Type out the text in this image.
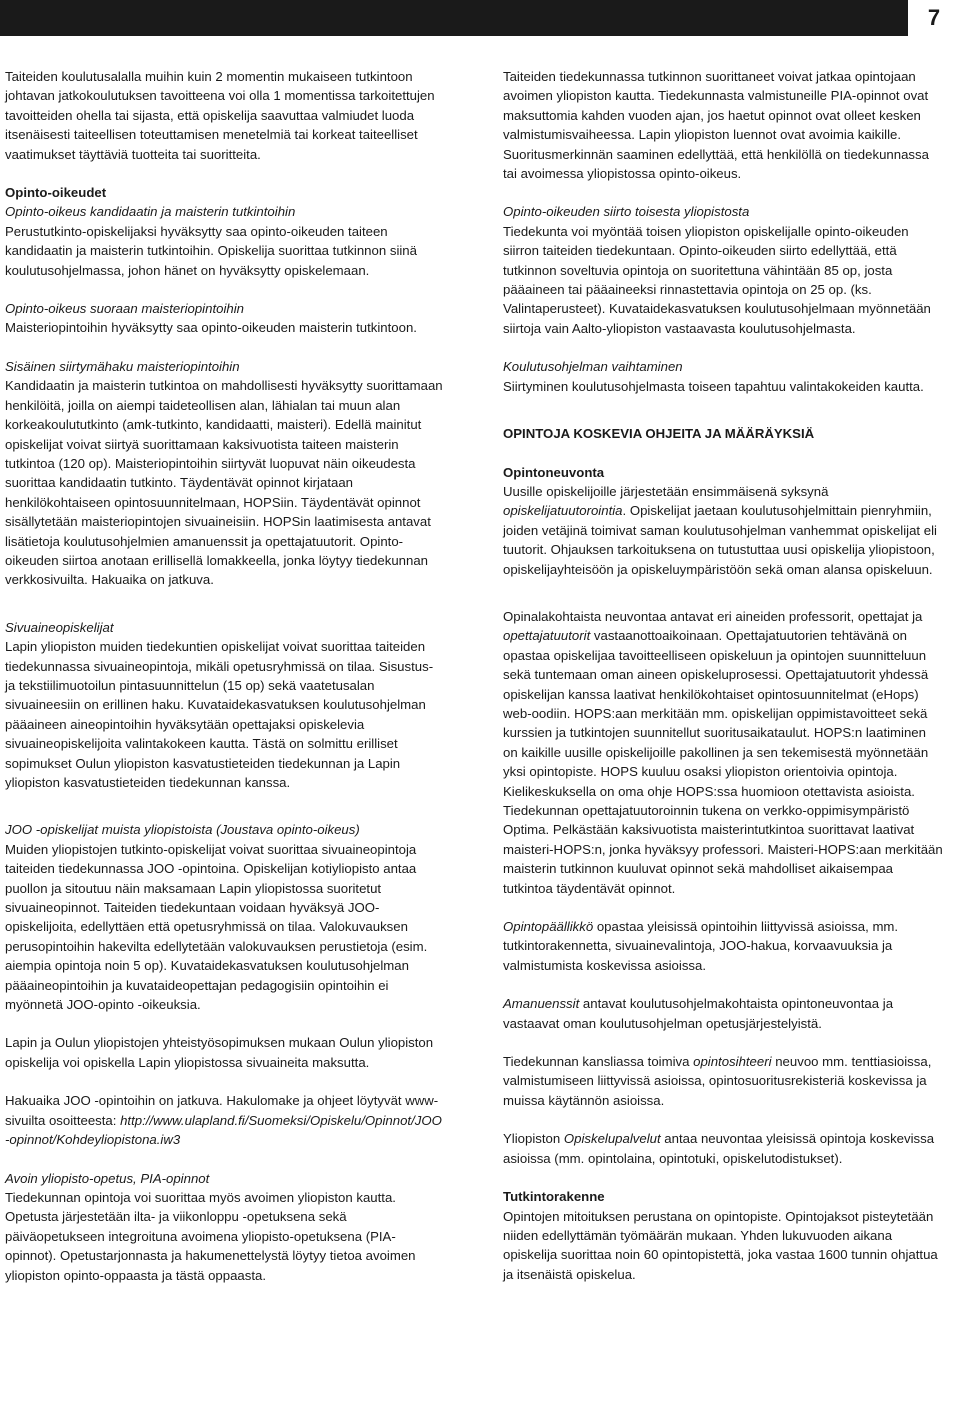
7

Taiteiden koulutusalalla muihin kuin 2 momentin mukaiseen tutkintoon johtavan jatkokoulutuksen tavoitteena voi olla 1 momentissa tarkoitettujen tavoitteiden ohella tai sijasta, että opiskelija saavuttaa valmiudet luoda itsenäisesti taiteellisen toteuttamisen menetelmiä tai korkeat taiteelliset vaatimukset täyttäviä tuotteita tai suoritteita.

Opinto-oikeudet
Opinto-oikeus kandidaatin ja maisterin tutkintoihin
Perustutkinto-opiskelijaksi hyväksytty saa opinto-oikeuden taiteen kandidaatin ja maisterin tutkintoihin. Opiskelija suorittaa tutkinnon siinä koulutusohjelmassa, johon hänet on hyväksytty opiskelemaan.

Opinto-oikeus suoraan maisteriopintoihin
Maisteriopintoihin hyväksytty saa opinto-oikeuden maisterin tutkintoon.

Sisäinen siirtymähaku maisteriopintoihin
Kandidaatin ja maisterin tutkintoa on mahdollisesti hyväksytty suorittamaan henkilöitä, joilla on aiempi taideteollisen alan, lähialan tai muun alan korkeakoulututkinto (amk-tutkinto, kandidaatti, maisteri). Edellä mainitut opiskelijat voivat siirtyä suorittamaan kaksivuotista taiteen maisterin tutkintoa (120 op). Maisteriopintoihin siirtyvät luopuvat näin oikeudesta suorittaa kandidaatin tutkinto. Täydentävät opinnot kirjataan henkilökohtaiseen opintosuunnitelmaan, HOPSiin. Täydentävät opinnot sisällytetään maisteriopintojen sivuaineisiin. HOPSin laatimisesta antavat lisätietoja koulutusohjelmien amanuenssit ja opettajatuutorit. Opinto-oikeuden siirtoa anotaan erillisellä lomakkeella, jonka löytyy tiedekunnan verkkosivuilta. Hakuaika on jatkuva.

Sivuaineopiskelijat
Lapin yliopiston muiden tiedekuntien opiskelijat voivat suorittaa taiteiden tiedekunnassa sivuaineopintoja, mikäli opetusryhmissä on tilaa. Sisustus- ja tekstiilimuotoilun pintasuunnittelun (15 op) sekä vaatetusalan sivuaineesiin on erillinen haku. Kuvataidekasvatuksen koulutusohjelman pääaineen aineopintoihin hyväksytään opettajaksi opiskelevia sivuaineopiskelijoita valintakokeen kautta. Tästä on solmittu erilliset sopimukset Oulun yliopiston kasvatustieteiden tiedekunnan ja Lapin yliopiston kasvatustieteiden tiedekunnan kanssa.

JOO -opiskelijat muista yliopistoista (Joustava opinto-oikeus)
Muiden yliopistojen tutkinto-opiskelijat voivat suorittaa sivuaineopintoja taiteiden tiedekunnassa JOO -opintoina. Opiskelijan kotiyliopisto antaa puollon ja sitoutuu näin maksamaan Lapin yliopistossa suoritetut sivuaineopinnot. Taiteiden tiedekuntaan voidaan hyväksyä JOO-opiskelijoita, edellyttäen että opetusryhmissä on tilaa. Valokuvauksen perusopintoihin hakevilta edellytetään valokuvauksen perustietoja (esim. aiempia opintoja noin 5 op). Kuvataidekasvatuksen koulutusohjelman pääaineopintoihin ja kuvataideopettajan pedagogisiin opintoihin ei myönnetä JOO-opinto -oikeuksia.

Lapin ja Oulun yliopistojen yhteistyösopimuksen mukaan Oulun yliopiston opiskelija voi opiskella Lapin yliopistossa sivuaineita maksutta.

Hakuaika JOO -opintoihin on jatkuva. Hakulomake ja ohjeet löytyvät www-sivuilta osoitteesta: http://www.ulapland.fi/Suomeksi/Opiskelu/Opinnot/JOO-opinnot/Kohdeyliopistona.iw3

Avoin yliopisto-opetus, PIA-opinnot
Tiedekunnan opintoja voi suorittaa myös avoimen yliopiston kautta. Opetusta järjestetään ilta- ja viikonloppu -opetuksena sekä päiväopetukseen integroituna avoimena yliopisto-opetuksena (PIA-opinnot). Opetustarjonnasta ja hakumenettelystä löytyy tietoa avoimen yliopiston opinto-oppaasta ja tästä oppaasta.

Taiteiden tiedekunnassa tutkinnon suorittaneet voivat jatkaa opintojaan avoimen yliopiston kautta. Tiedekunnasta valmistuneille PIA-opinnot ovat maksuttomia kahden vuoden ajan, jos haetut opinnot ovat olleet kesken valmistumisvaiheessa. Lapin yliopiston luennot ovat avoimia kaikille. Suoritusmerkinnän saaminen edellyttää, että henkilöllä on tiedekunnassa tai avoimessa yliopistossa opinto-oikeus.

Opinto-oikeuden siirto toisesta yliopistosta
Tiedekunta voi myöntää toisen yliopiston opiskelijalle opinto-oikeuden siirron taiteiden tiedekuntaan. Opinto-oikeuden siirto edellyttää, että tutkinnon soveltuvia opintoja on suoritettuna vähintään 85 op, josta pääaineen tai pääaineeksi rinnastettavia opintoja on 25 op. (ks. Valintaperusteet). Kuvataidekasvatuksen koulutusohjelmaan myönnetään siirtoja vain Aalto-yliopiston vastaavasta koulutusohjelmasta.

Koulutusohjelman vaihtaminen
Siirtyminen koulutusohjelmasta toiseen tapahtuu valintakokeiden kautta.

OPINTOJA KOSKEVIA OHJEITA JA MÄÄRÄYKSIÄ

Opintoneuvonta
Uusille opiskelijoille järjestetään ensimmäisenä syksynä opiskelijatuutorointia. Opiskelijat jaetaan koulutusohjelmittain pienryhmiin, joiden vetäjinä toimivat saman koulutusohjelman vanhemmat opiskelijat eli tuutorit. Ohjauksen tarkoituksena on tutustuttaa uusi opiskelija yliopistoon, opiskelijayhteisöön ja opiskeluympäristöön sekä oman alansa opiskeluun.

Opinalakohtaista neuvontaa antavat eri aineiden professorit, opettajat ja opettajatuutorit vastaanottoaikoinaan. Opettajatuutorien tehtävänä on opastaa opiskelijaa tavoitteelliseen opiskeluun ja opintojen suunnitteluun sekä tuntemaan oman aineen opiskeluprosessi. Opettajatuutorit yhdessä opiskelijan kanssa laativat henkilökohtaiset opintosuunnitelmat (eHops) web-oodiin. HOPS:aan merkitään mm. opiskelijan oppimistavoitteet sekä kurssien ja tutkintojen suunnitellut suoritusaikataulut. HOPS:n laatiminen on kaikille uusille opiskelijoille pakollinen ja sen tekemisestä myönnetään yksi opintopiste. HOPS kuuluu osaksi yliopiston orientoivia opintoja. Kielikeskuksella on oma ohje HOPS:ssa huomioon otettavista asioista. Tiedekunnan opettajatuutoroinnin tukena on verkko-oppimisympäristö Optima. Pelkästään kaksivuotista maisterintutkintoa suorittavat laativat maisteri-HOPS:n, jonka hyväksyy professori. Maisteri-HOPS:aan merkitään maisterin tutkinnon kuuluvat opinnot sekä mahdolliset aikaisempaa tutkintoa täydentävät opinnot.

Opintopäällikkö opastaa yleisissä opintoihin liittyvissä asioissa, mm. tutkintorakennetta, sivuainevalintoja, JOO-hakua, korvaavuuksia ja valmistumista koskevissa asioissa.

Amanuenssit antavat koulutusohjelmakohtaista opintoneuvontaa ja vastaavat oman koulutusohjelman opetusjärjestelyistä.

Tiedekunnan kansliassa toimiva opintosihteeri neuvoo mm. tenttiasioissa, valmistumiseen liittyvissä asioissa, opintosuoritusrekisteriä koskevissa ja muissa käytännön asioissa.

Yliopiston Opiskelupalvelut antaa neuvontaa yleisissä opintoja koskevissa asioissa (mm. opintolaina, opintotuki, opiskelutodistukset).

Tutkintorakenne
Opintojen mitoituksen perustana on opintopiste. Opintojaksot pisteytetään niiden edellyttämän työmäärän mukaan. Yhden lukuvuoden aikana opiskelija suorittaa noin 60 opintopistettä, joka vastaa 1600 tunnin ohjattua ja itsenäistä opiskelua.
